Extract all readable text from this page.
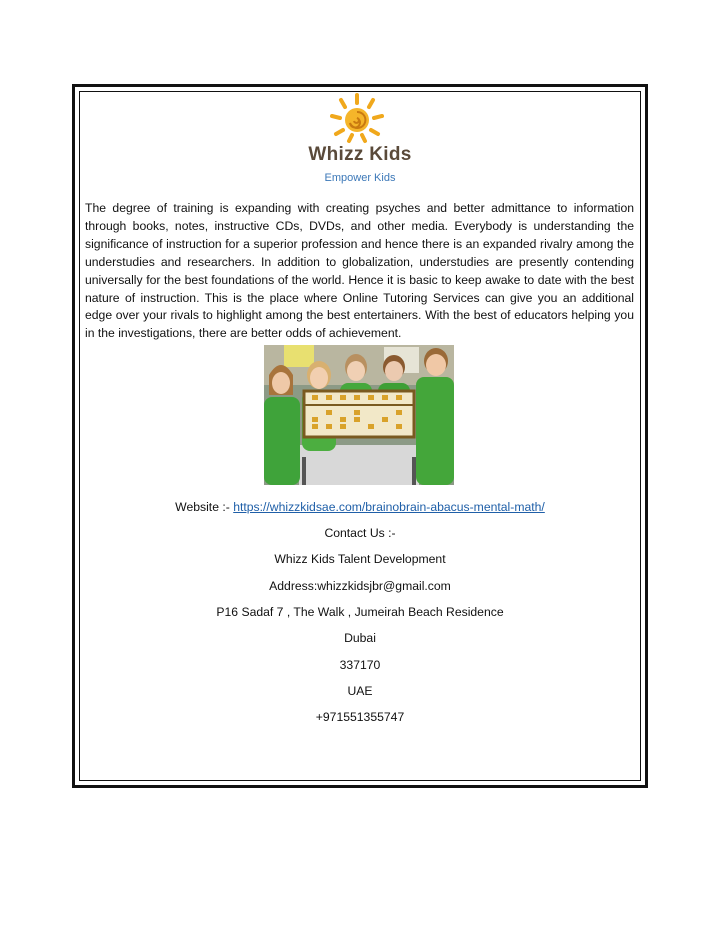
Whizz Kids
Empower Kids

The degree of training is expanding with creating psyches and better admittance to information through books, notes, instructive CDs, DVDs, and other media. Everybody is understanding the significance of instruction for a superior profession and hence there is an expanded rivalry among the understudies and researchers. In addition to globalization, understudies are presently contending universally for the best foundations of the world. Hence it is basic to keep awake to date with the best nature of instruction. This is the place where Online Tutoring Services can give you an additional edge over your rivals to highlight among the best entertainers. With the best of educators helping you in the investigations, there are better odds of achievement.

Website :- https://whizzkidsae.com/brainobrain-abacus-mental-math/

Contact Us :-

Whizz Kids Talent Development

Address:whizzkidsjbr@gmail.com

P16 Sadaf 7 , The Walk , Jumeirah Beach Residence

Dubai

337170

UAE

+971551355747
